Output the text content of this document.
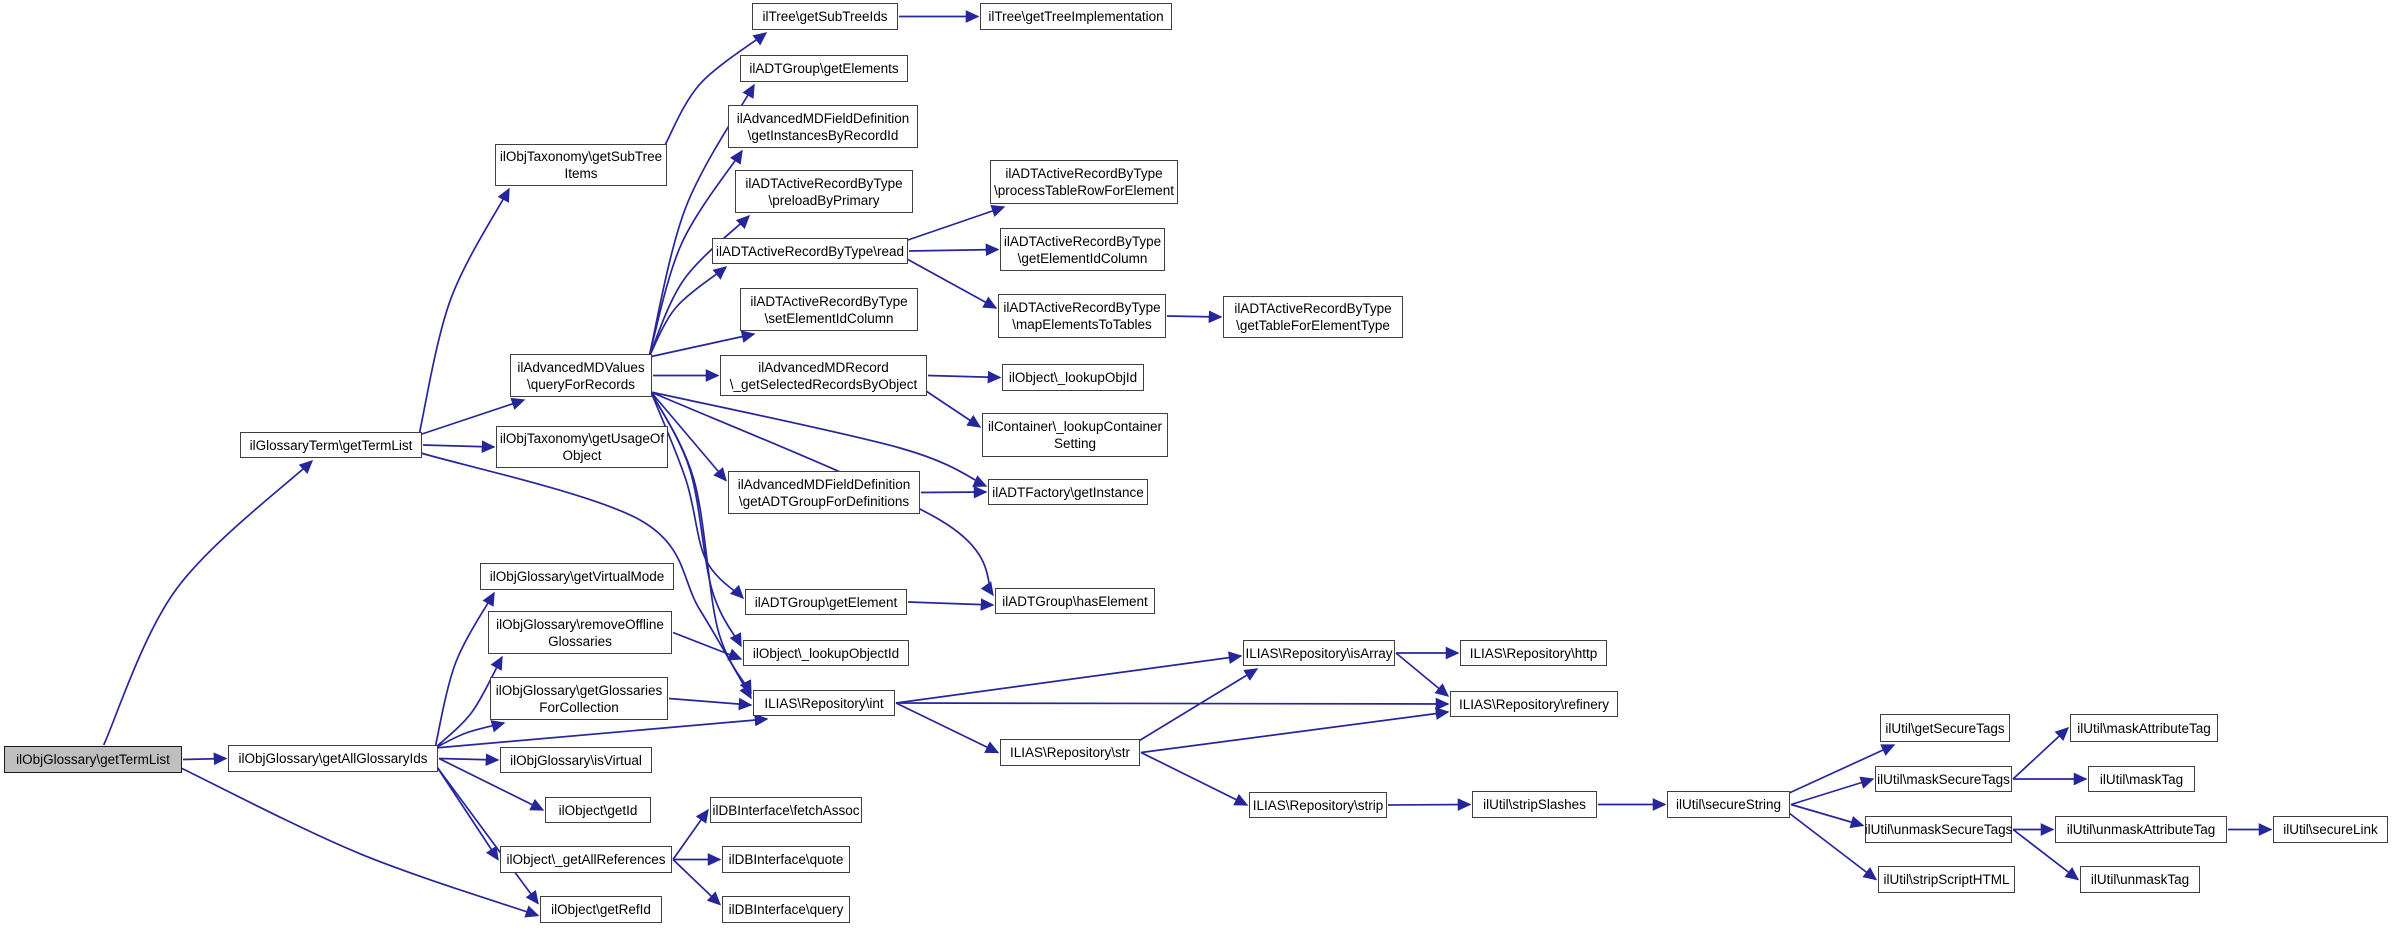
ilObjGlossary\getTermList
ilGlossaryTerm\getTermList
ilObjGlossary\getAllGlossaryIds
ilObjTaxonomy\getSubTree
Items
ilAdvancedMDValues
\queryForRecords
ilObjTaxonomy\getUsageOf
Object
ilObjGlossary\getVirtualMode
ilObjGlossary\removeOffline
Glossaries
ilObjGlossary\getGlossaries
ForCollection
ilObjGlossary\isVirtual
ilObject\getId
ilObject\_getAllReferences
ilObject\getRefId
ilTree\getSubTreeIds
ilADTGroup\getElements
ilAdvancedMDFieldDefinition
\getInstancesByRecordId
ilADTActiveRecordByType
\preloadByPrimary
ilADTActiveRecordByType\read
ilADTActiveRecordByType
\setElementIdColumn
ilAdvancedMDRecord
\_getSelectedRecordsByObject
ilAdvancedMDFieldDefinition
\getADTGroupForDefinitions
ilADTGroup\getElement
ilObject\_lookupObjectId
ILIAS\Repository\int
ilDBInterface\fetchAssoc
ilDBInterface\quote
ilDBInterface\query
ilTree\getTreeImplementation
ilADTActiveRecordByType
\processTableRowForElement
ilADTActiveRecordByType
\getElementIdColumn
ilADTActiveRecordByType
\mapElementsToTables
ilObject\_lookupObjId
ilContainer\_lookupContainer
Setting
ilADTFactory\getInstance
ilADTGroup\hasElement
ilADTActiveRecordByType
\getTableForElementType
ILIAS\Repository\isArray
ILIAS\Repository\str
ILIAS\Repository\strip
ILIAS\Repository\http
ILIAS\Repository\refinery
ilUtil\stripSlashes	ilUtil\secureString
ilUtil\getSecureTags
ilUtil\maskSecureTags
ilUtil\unmaskSecureTags
ilUtil\stripScriptHTML
ilUtil\maskAttributeTag
ilUtil\maskTag
ilUtil\unmaskAttributeTag
ilUtil\unmaskTag
ilUtil\secureLink
